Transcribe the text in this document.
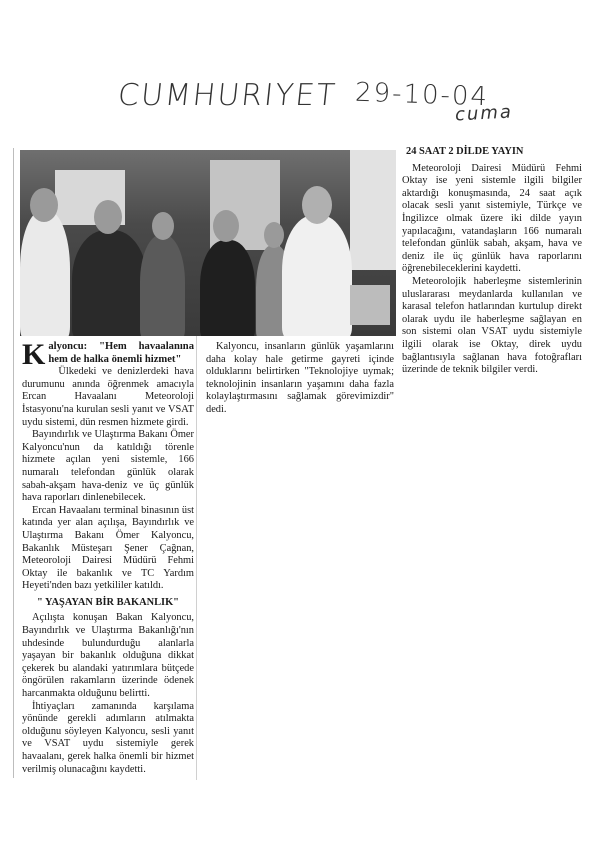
CUMHURIYET 29-10-04
cuma

Kalyoncu: "Hem havaalanına hem de halka önemli hizmet"

Ülkedeki ve denizlerdeki hava durumunu anında öğrenmek amacıyla Ercan Havaalanı Meteoroloji İstasyonu'na kurulan sesli yanıt ve VSAT uydu sistemi, dün resmen hizmete girdi.

Bayındırlık ve Ulaştırma Bakanı Ömer Kalyoncu'nun da katıldığı törenle hizmete açılan yeni sistemle, 166 numaralı telefondan günlük olarak sabah-akşam hava-deniz ve üç günlük hava raporları dinlenebilecek.

Ercan Havaalanı terminal binasının üst katında yer alan açılışa, Bayındırlık ve Ulaştırma Bakanı Ömer Kalyoncu, Bakanlık Müsteşarı Şener Çağnan, Meteoroloji Dairesi Müdürü Fehmi Oktay ile bakanlık ve TC Yardım Heyeti'nden bazı yetkililer katıldı.

" YAŞAYAN BİR BAKANLIK"

Açılışta konuşan Bakan Kalyoncu, Bayındırlık ve Ulaştırma Bakanlığı'nın uhdesinde bulundurduğu alanlarla yaşayan bir bakanlık olduğuna dikkat çekerek bu alandaki yatırımlara bütçede öngörülen rakamların üzerinde ödenek harcanmakta olduğunu belirtti.

İhtiyaçları zamanında karşılama yönünde gerekli adımların atılmakta olduğunu söyleyen Kalyoncu, sesli yanıt ve VSAT uydu sistemiyle gerek havaalanı, gerek halka önemli bir hizmet verilmiş olunacağını kaydetti.

Kalyoncu, insanların günlük yaşamlarını daha kolay hale getirme gayreti içinde olduklarını belirtirken "Teknolojiye uymak; teknolojinin insanların yaşamını daha fazla kolaylaştırmasını sağlamak görevimizdir" dedi.

24 SAAT 2 DİLDE YAYIN

Meteoroloji Dairesi Müdürü Fehmi Oktay ise yeni sistemle ilgili bilgiler aktardığı konuşmasında, 24 saat açık olacak sesli yanıt sistemiyle, Türkçe ve İngilizce olmak üzere iki dilde yayın yapılacağını, vatandaşların 166 numaralı telefondan günlük sabah, akşam, hava ve deniz ile üç günlük hava raporlarını öğrenebileceklerini kaydetti.

Meteorolojik haberleşme sistemlerinin uluslararası meydanlarda kullanılan ve karasal telefon hatlarından kurtulup direkt olarak uydu ile haberleşme sağlayan en son sistemi olan VSAT uydu sistemiyle ilgili olarak ise Oktay, direk uydu bağlantısıyla sağlanan hava fotoğrafları üzerinde de teknik bilgiler verdi.
